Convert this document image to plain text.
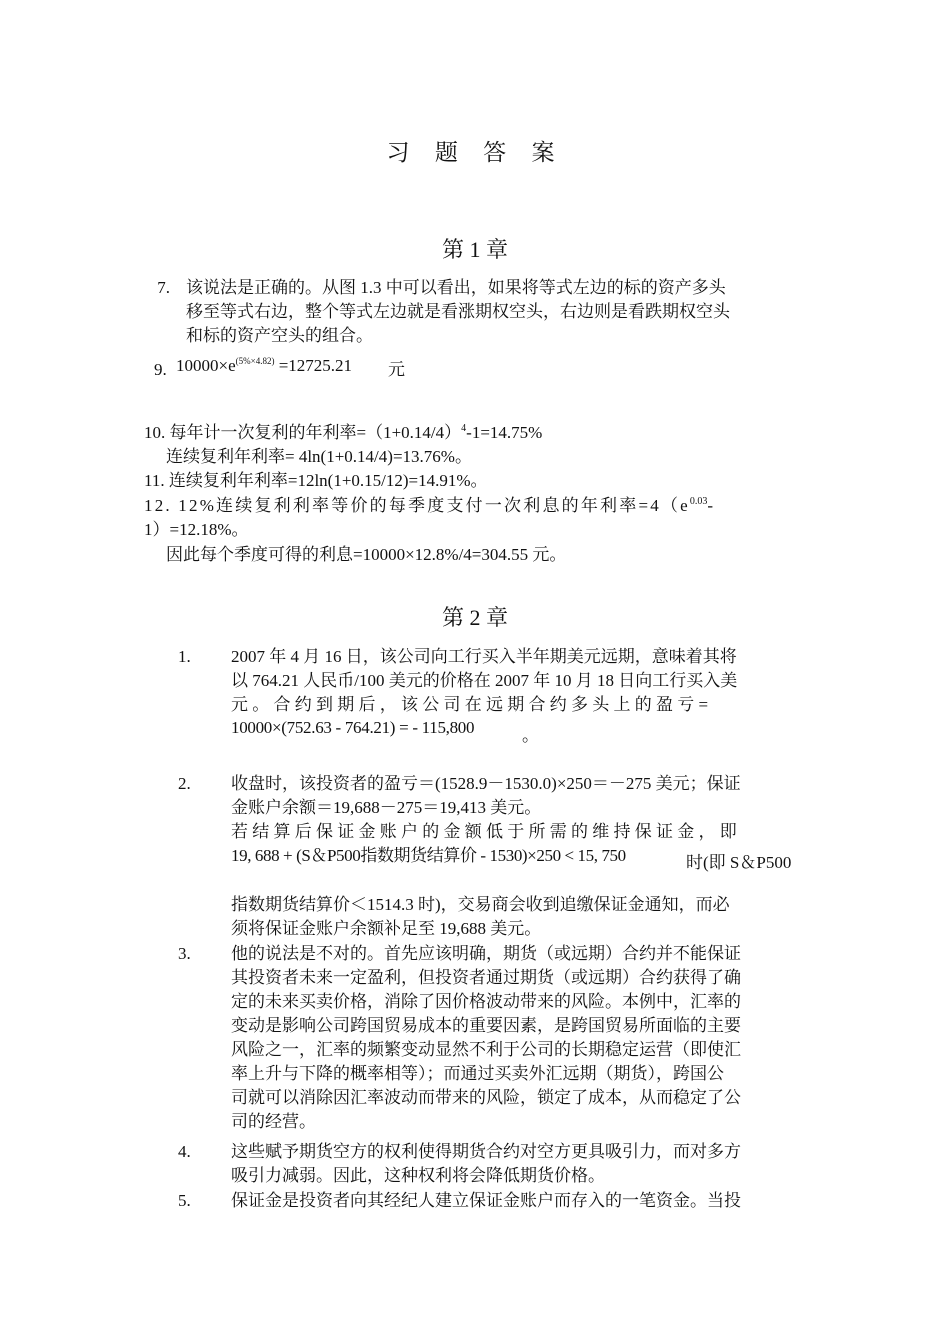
习 题 答 案
第 1 章
7. 该说法是正确的。从图 1.3 中可以看出，如果将等式左边的标的资产多头
移至等式右边，整个等式左边就是看涨期权空头，右边则是看跌期权空头
和标的资产空头的组合。
9. $10000\times e^{(5\%\times 4.82)} =12725.21$ 元
10. 每年计一次复利的年利率$=(1+0.14/4)^4-1=14.75\%$
连续复利年利率= 4ln(1+0.14/4)=13.76%。
11. 连续复利年利率=12ln(1+0.15/12)=14.91%。
12. 12%连续复利利率等价的每季度支付一次利息的年利率$=4(e^{0.03}-$
1）=12.18%。
因此每个季度可得的利息=10000×12.8%/4=304.55 元。
第 2 章
1. 2007 年 4 月 16 日，该公司向工行买入半年期美元远期，意味着其将
以 764.21 人民币/100 美元的价格在 2007 年 10 月 18 日向工行买入美
元 。 合 约 到 期 后 ， 该 公 司 在 远 期 合 约 多 头 上 的 盈 亏 =
10000×(752.63 - 764.21) = - 115,800	。
2. 收盘时，该投资者的盈亏＝(1528.9－1530.0)×250＝－275 美元；保证
金账户余额＝19,688－275＝19,413 美元。
若 结 算 后 保 证 金 账 户 的 金 额 低 于 所 需 的 维 持 保 证 金 ， 即
19, 688 + (S＆P500指数期货结算价 - 1530)×250 < 15, 750	时(即 S＆P500
指数期货结算价＜1514.3 时)，交易商会收到追缴保证金通知，而必
须将保证金账户余额补足至 19,688 美元。
3. 他的说法是不对的。首先应该明确，期货（或远期）合约并不能保证
其投资者未来一定盈利，但投资者通过期货（或远期）合约获得了确
定的未来买卖价格，消除了因价格波动带来的风险。本例中，汇率的
变动是影响公司跨国贸易成本的重要因素，是跨国贸易所面临的主要
风险之一，汇率的频繁变动显然不利于公司的长期稳定运营（即使汇
率上升与下降的概率相等）；而通过买卖外汇远期（期货），跨国公
司就可以消除因汇率波动而带来的风险，锁定了成本，从而稳定了公
司的经营。
4. 这些赋予期货空方的权利使得期货合约对空方更具吸引力，而对多方
吸引力减弱。因此，这种权利将会降低期货价格。
5. 保证金是投资者向其经纪人建立保证金账户而存入的一笔资金。当投
